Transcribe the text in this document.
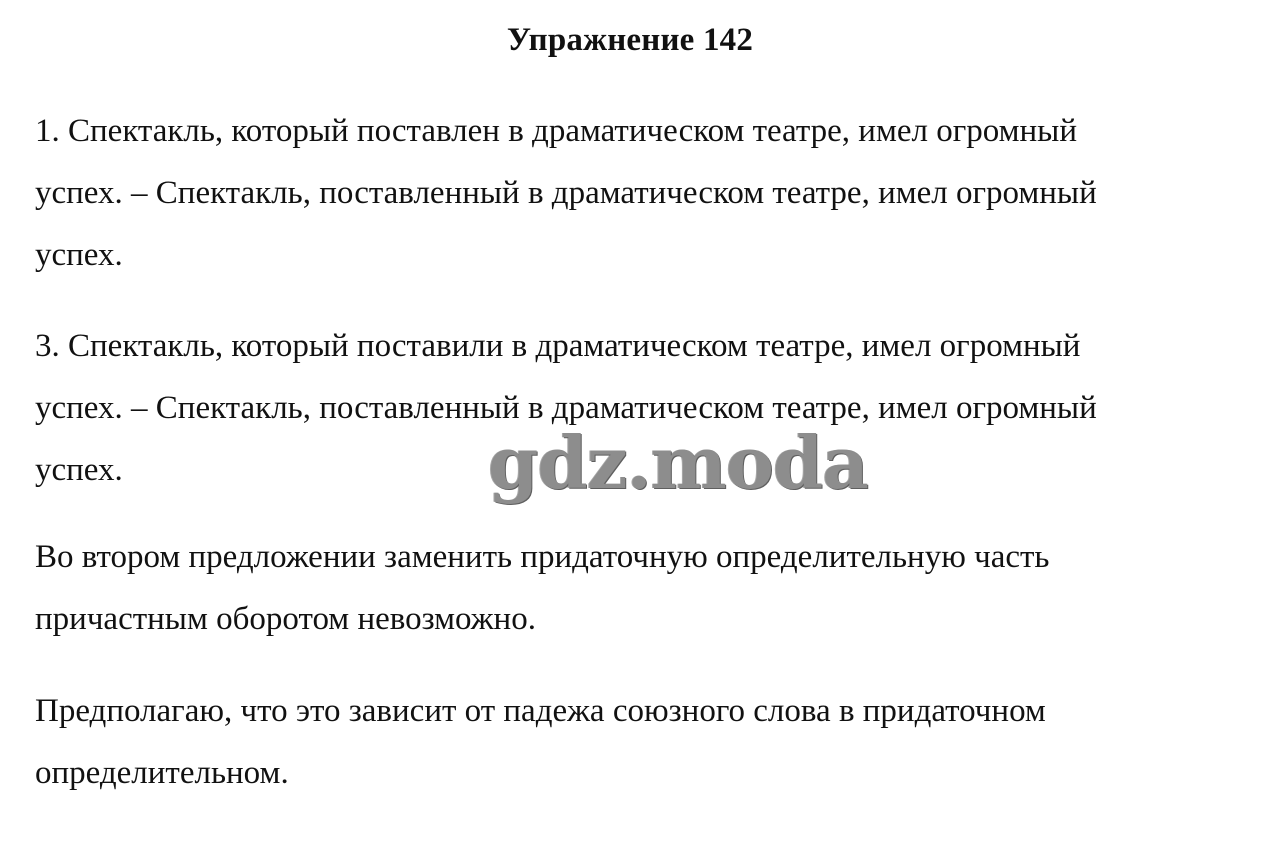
Упражнение 142
1. Спектакль, который поставлен в драматическом театре, имел огромный
успех. – Спектакль, поставленный в драматическом театре, имел огромный
успех.
3. Спектакль, который поставили в драматическом театре, имел огромный
успех. – Спектакль, поставленный в драматическом театре, имел огромный
успех.
Во втором предложении заменить придаточную определительную часть
причастным оборотом невозможно.
Предполагаю, что это зависит от падежа союзного слова в придаточном
определительном.
gdz.moda
